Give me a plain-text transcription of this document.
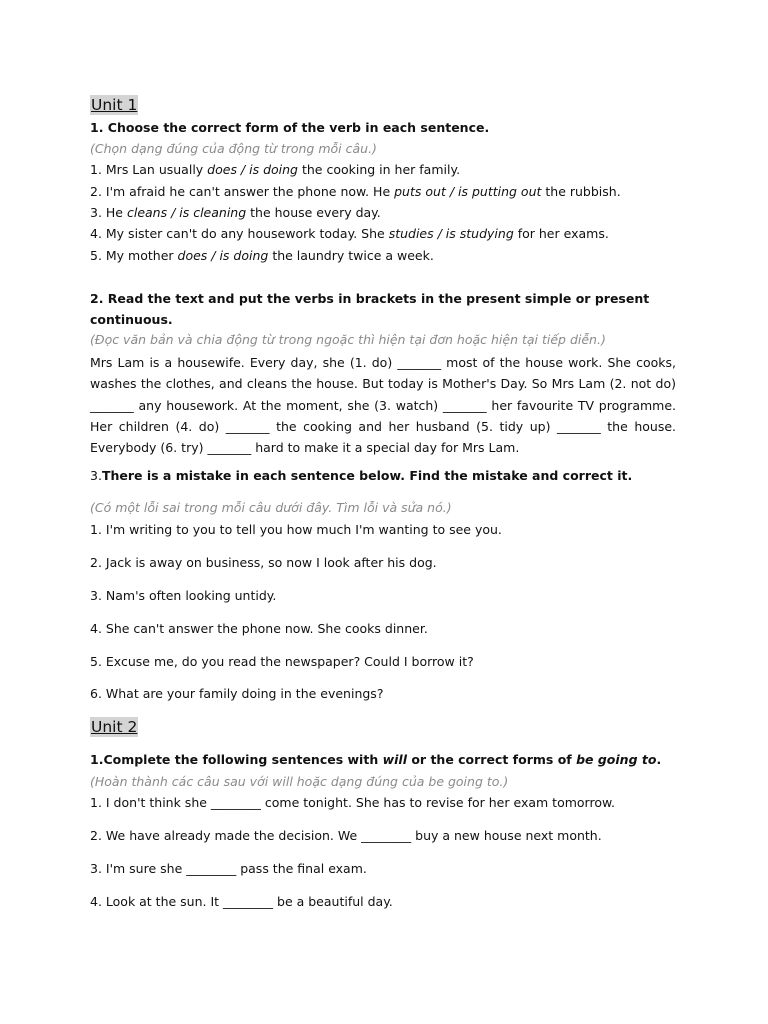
Unit 1
1. Choose the correct form of the verb in each sentence.
(Chọn dạng đúng của động từ trong mỗi câu.)
1. Mrs Lan usually does / is doing the cooking in her family.
2. I'm afraid he can't answer the phone now. He puts out / is putting out the rubbish.
3. He cleans / is cleaning the house every day.
4. My sister can't do any housework today. She studies / is studying for her exams.
5. My mother does / is doing the laundry twice a week.
2. Read the text and put the verbs in brackets in the present simple or present
continuous.
(Đọc văn bản và chia động từ trong ngoặc thì hiện tại đơn hoặc hiện tại tiếp diễn.)
Mrs Lam is a housewife. Every day, she (1. do) _______ most of the house work. She cooks, washes the clothes, and cleans the house. But today is Mother's Day. So Mrs Lam (2. not do) _______ any housework. At the moment, she (3. watch) _______ her favourite TV programme. Her children (4. do) _______ the cooking and her husband (5. tidy up) _______ the house. Everybody (6. try) _______ hard to make it a special day for Mrs Lam.
3.There is a mistake in each sentence below. Find the mistake and correct it.
(Có một lỗi sai trong mỗi câu dưới đây. Tìm lỗi và sửa nó.)
1. I'm writing to you to tell you how much I'm wanting to see you.
2. Jack is away on business, so now I look after his dog.
3. Nam's often looking untidy.
4. She can't answer the phone now. She cooks dinner.
5. Excuse me, do you read the newspaper? Could I borrow it?
6. What are your family doing in the evenings?
Unit 2
1.Complete the following sentences with will or the correct forms of be going to.
(Hoàn thành các câu sau với will hoặc dạng đúng của be going to.)
1. I don't think she ________ come tonight. She has to revise for her exam tomorrow.
2. We have already made the decision. We ________ buy a new house next month.
3. I'm sure she ________ pass the final exam.
4. Look at the sun. It ________ be a beautiful day.
